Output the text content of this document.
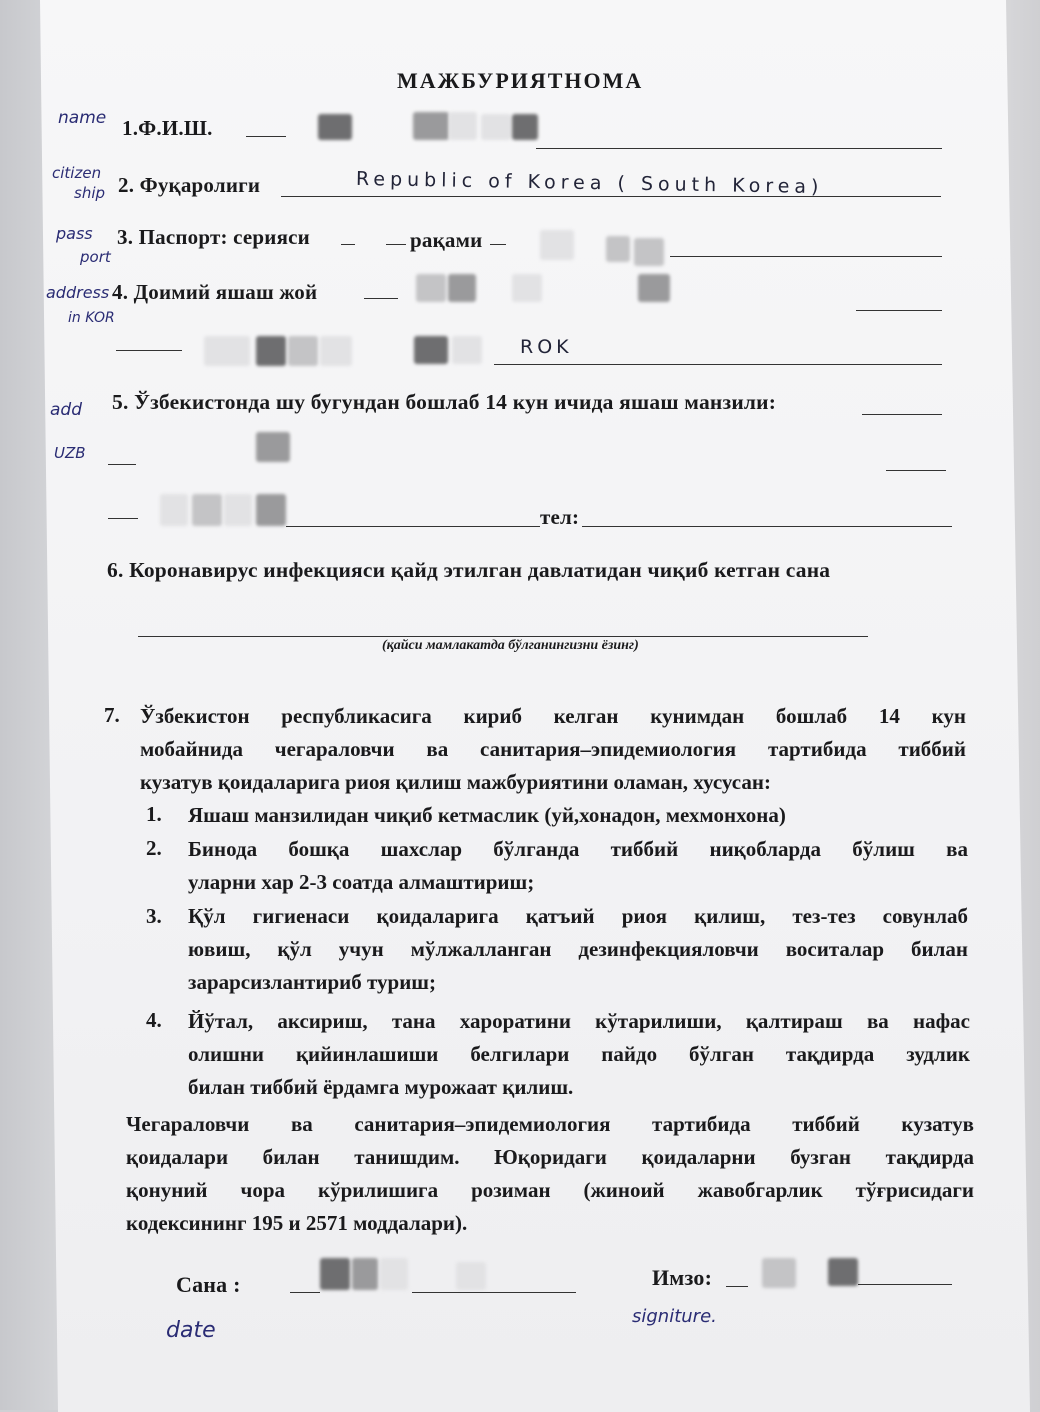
МАЖБУРИЯТНОМА
name 1.Ф.И.Ш.
citizen
ship 2. Фуқаролиги	Republic of Korea ( South Korea)
pass
port
3. Паспорт: серияси	рақами
address
in KOR
4. Доимий яшаш жой
ROK
add
UZB
5. Ўзбекистонда шу бугундан бошлаб 14 кун ичида яшаш манзили:
тел:
6. Коронавирус инфекцияси қайд этилган давлатидан чиқиб кетган сана
(қайси мамлакатда бўлганингизни ёзинг)
7. Ўзбекистон республикасига кириб келган кунимдан бошлаб 14 кун
мобайнида чегараловчи ва санитария–эпидемиология тартибида тиббий
кузатув қоидаларига риоя қилиш мажбуриятини оламан, хусусан:
1. Яшаш манзилидан чиқиб кетмаслик (уй,хонадон, мехмонхона)
2. Бинода бошқа шахслар бўлганда тиббий ниқобларда бўлиш ва
уларни хар 2-3 соатда алмаштириш;
3. Қўл гигиенаси қоидаларига қатъий риоя қилиш, тез-тез совунлаб
ювиш, қўл учун мўлжалланган дезинфекцияловчи воситалар билан
зарарсизлантириб туриш;
4. Йўтал, аксириш, тана хароратини кўтарилиши, қалтираш ва нафас
олишни қийинлашиши белгилари пайдо бўлган тақдирда зудлик
билан тиббий ёрдамга мурожаат қилиш.
Чегараловчи ва санитария–эпидемиология тартибида тиббий кузатув
қоидалари билан танишдим. Юқоридаги қоидаларни бузган тақдирда
қонуний чора кўрилишига розиман (жиноий жавобгарлик тўғрисидаги
кодексининг 195 и 2571 моддалари).
Сана :
date
Имзо:
signiture.
